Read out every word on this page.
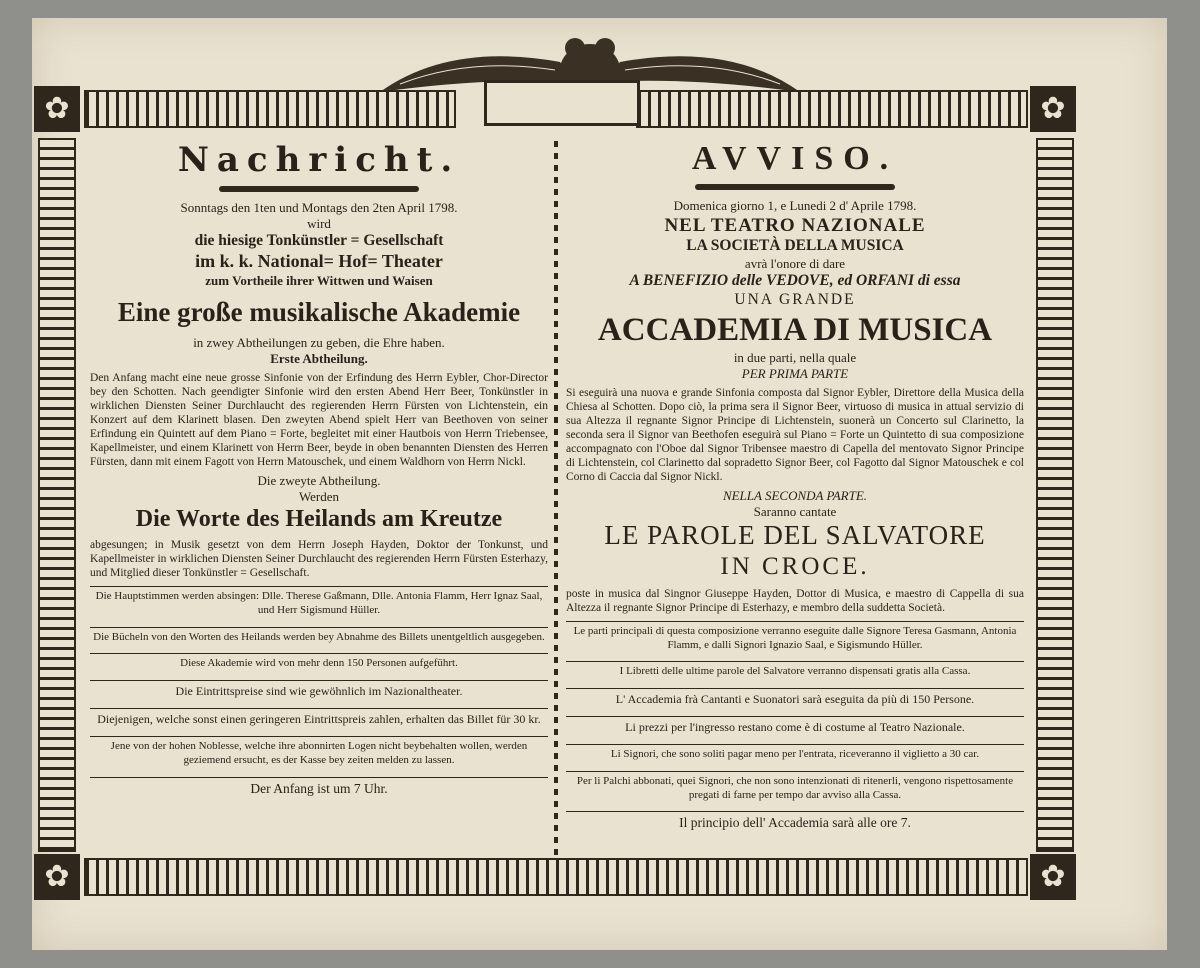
✿	✿
✿	✿

Nachricht.

Sonntags den 1ten und Montags den 2ten April 1798.

wird

die hiesige Tonkünstler = Gesellschaft

im k. k. National= Hof= Theater

zum Vortheile ihrer Wittwen und Waisen

Eine große musikalische Akademie

in zwey Abtheilungen zu geben, die Ehre haben.

Erste Abtheilung.

Den Anfang macht eine neue grosse Sinfonie von der Erfindung des Herrn Eybler, Chor-Director bey den Schotten. Nach geendigter Sinfonie wird den ersten Abend Herr Beer, Tonkünstler in wirklichen Diensten Seiner Durchlaucht des regierenden Herrn Fürsten von Lichtenstein, ein Konzert auf dem Klarinett blasen. Den zweyten Abend spielt Herr van Beethoven von seiner Erfindung ein Quintett auf dem Piano = Forte, begleitet mit einer Hautbois von Herrn Triebensee, Kapellmeister, und einem Klarinett von Herrn Beer, beyde in oben benannten Diensten des Herren Fürsten, dann mit einem Fagott von Herrn Matouschek, und einem Waldhorn von Herrn Nickl.

Die zweyte Abtheilung.

Werden

Die Worte des Heilands am Kreutze

abgesungen; in Musik gesetzt von dem Herrn Joseph Hayden, Doktor der Tonkunst, und Kapellmeister in wirklichen Diensten Seiner Durchlaucht des regierenden Herrn Fürsten Esterhazy, und Mitglied dieser Tonkünstler = Gesellschaft.

Die Hauptstimmen werden absingen: Dlle. Therese Gaßmann, Dlle. Antonia Flamm, Herr Ignaz Saal, und Herr Sigismund Hüller.
Die Bücheln von den Worten des Heilands werden bey Abnahme des Billets unentgeltlich ausgegeben.
Diese Akademie wird von mehr denn 150 Personen aufgeführt.
Die Eintrittspreise sind wie gewöhnlich im Nazionaltheater.
Diejenigen, welche sonst einen geringeren Eintrittspreis zahlen, erhalten das Billet für 30 kr.
Jene von der hohen Noblesse, welche ihre abonnirten Logen nicht beybehalten wollen, werden geziemend ersucht, es der Kasse bey zeiten melden zu lassen.
Der Anfang ist um 7 Uhr.

AVVISO.

Domenica giorno 1, e Lunedi 2 d' Aprile 1798.

NEL TEATRO NAZIONALE

LA SOCIETÀ DELLA MUSICA

avrà l'onore di dare

A BENEFIZIO delle VEDOVE, ed ORFANI di essa

UNA GRANDE

ACCADEMIA DI MUSICA

in due parti, nella quale

PER PRIMA PARTE

Si eseguirà una nuova e grande Sinfonia composta dal Signor Eybler, Direttore della Musica della Chiesa al Schotten. Dopo ciò, la prima sera il Signor Beer, virtuoso di musica in attual servizio di sua Altezza il regnante Signor Principe di Lichtenstein, suonerà un Concerto sul Clarinetto, la seconda sera il Signor van Beethofen eseguirà sul Piano = Forte un Quintetto di sua composizione accompagnato con l'Oboe dal Signor Tribensee maestro di Capella del mentovato Signor Principe di Lichtenstein, col Clarinetto dal sopradetto Signor Beer, col Fagotto dal Signor Matouschek e col Corno di Caccia dal Signor Nickl.

NELLA SECONDA PARTE.

Saranno cantate

LE PAROLE DEL SALVATORE

IN CROCE.

poste in musica dal Singnor Giuseppe Hayden, Dottor di Musica, e maestro di Cappella di sua Altezza il regnante Signor Principe di Esterhazy, e membro della suddetta Società.

Le parti principali di questa composizione verranno eseguite dalle Signore Teresa Gasmann, Antonia Flamm, e dalli Signori Ignazio Saal, e Sigismundo Hüller.
I Libretti delle ultime parole del Salvatore verranno dispensati gratis alla Cassa.
L' Accademia frà Cantanti e Suonatori sarà eseguita da più di 150 Persone.
Li prezzi per l'ingresso restano come è di costume al Teatro Nazionale.
Li Signori, che sono soliti pagar meno per l'entrata, riceveranno il viglietto a 30 car.
Per li Palchi abbonati, quei Signori, che non sono intenzionati di ritenerli, vengono rispettosamente pregati di farne per tempo dar avviso alla Cassa.
Il principio dell' Accademia sarà alle ore 7.
